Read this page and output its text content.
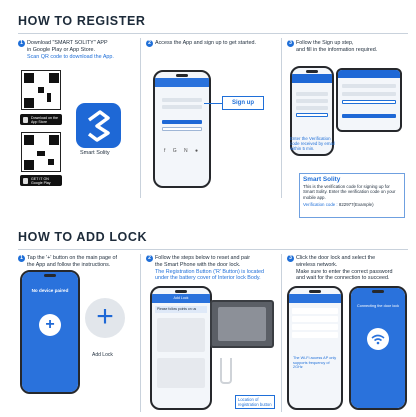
HOW TO REGISTER
1 Download "SMART SOLITY" APP
in Google Play or App Store.
Scan QR code to download the App.
Download on the App Store
GET IT ON Google Play
Smart Solity
2 Access the App and sign up to get started.
f G N ●
Sign up
3 Follow the Sign up step,
and fill in the information required.
Enter the Verification code received by email within 5 min.
Smart Solity
This is the verification code for signing up for Smart Solity. Enter the verification code on your mobile app.
Verification code : 822977(Example)
HOW TO ADD LOCK
1 Tap the '+' button on the main page of
the App and follow the instructions.
No device paired
+	+
Add Lock
2 Follow the steps below to reset and pair
the Smart Phone with the door lock.
The Registration Button ('R' Button) is located
under the battery cover of Interior lock Body.
Add Lock
Please follow points on us
Location of registration button
3 Click the door lock and select the
wireless network.
Make sure to enter the correct password
and wait for the connection to succeed.
The Wi-Fi access AP only supports frequency of 2GHz
Connecting the door lock
